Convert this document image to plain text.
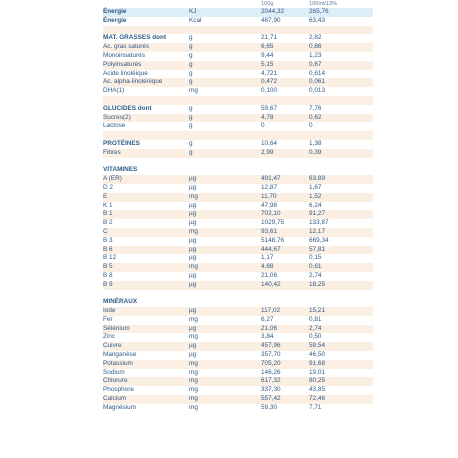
100g	100ml/13%
Énergie	KJ	2044,32	265,76
Énergie	Kcal	487,90	63,43
MAT. GRASSES dont	g	21,71	2,82
Ac. gras saturés	g	6,65	0,86
Monoinsaturés	g	9,44	1,23
Polyinsaturés	g	5,15	0,67
Acide linoléique	g	4,721	0,614
Ac. alpha-linolénique	g	0,472	0,061
DHA(1)	mg	0,100	0,013
GLUCIDES dont	g	59,67	7,76
Sucres(2)	g	4,78	0,62
Lactose	g	0	0
PROTÉINES	g	10,64	1,38
Fibres	g	2,99	0,39
VITAMINES
A (ER)	µg	491,47	63,89
D 2	µg	12,87	1,67
E	mg	11,70	1,52
K 1	µg	47,98	6,24
B 1	µg	702,10	91,27
B 2	µg	1029,75	133,87
C	mg	93,61	12,17
B 3	µg	5148,76	669,34
B 6	µg	444,67	57,81
B 12	µg	1,17	0,15
B 5	mg	4,68	0,61
B 8	µg	21,06	2,74
B 9	µg	140,42	18,25
MINÉRAUX
Iode	µg	117,02	15,21
Fer	mg	6,27	0,81
Sélénium	µg	21,06	2,74
Zinc	mg	3,84	0,50
Cuivre	µg	457,96	59,54
Manganèse	µg	357,70	46,50
Potassium	mg	705,20	91,68
Sodium	mg	146,26	19,01
Chlorure	mg	617,32	80,25
Phosphore	mg	337,30	43,85
Calcium	mg	557,42	72,46
Magnésium	mg	59,30	7,71
